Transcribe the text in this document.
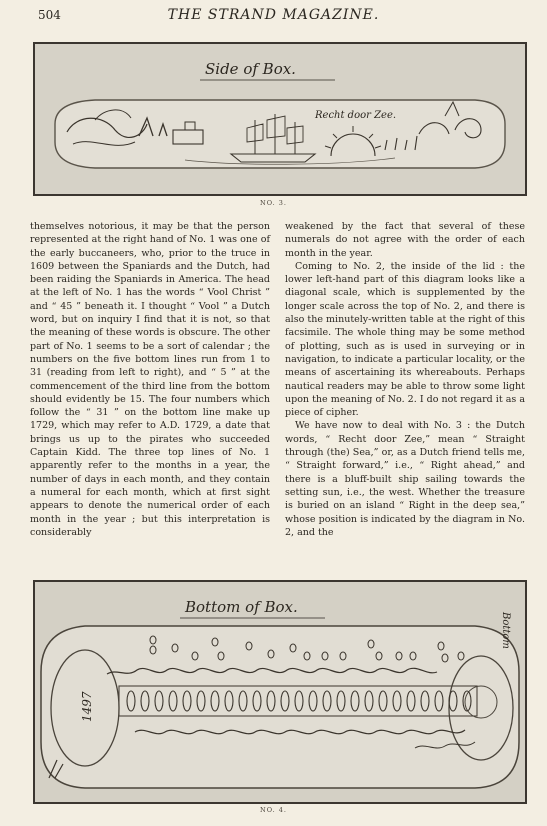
504	THE STRAND MAGAZINE.
Side of Box.
Recht door Zee.
NO. 3.

themselves notorious, it may be that the person represented at the right hand of No. 1 was one of the early buccaneers, who, prior to the truce in 1609 between the Spaniards and the Dutch, had been raiding the Spaniards in America. The head at the left of No. 1 has the words “ Vool Christ ” and “ 45 ” beneath it. I thought “ Vool ” a Dutch word, but on inquiry I find that it is not, so that the meaning of these words is obscure. The other part of No. 1 seems to be a sort of calendar ; the numbers on the five bottom lines run from 1 to 31 (reading from left to right), and “ 5 ” at the commencement of the third line from the bottom should evidently be 15. The four numbers which follow the “ 31 ” on the bottom line make up 1729, which may refer to A.D. 1729, a date that brings us up to the pirates who succeeded Captain Kidd. The three top lines of No. 1 apparently refer to the months in a year, the number of days in each month, and they contain a numeral for each month, which at first sight appears to denote the numerical order of each month in the year ; but this interpretation is considerably

weakened by the fact that several of these numerals do not agree with the order of each month in the year.

Coming to No. 2, the inside of the lid : the lower left-hand part of this diagram looks like a diagonal scale, which is supplemented by the longer scale across the top of No. 2, and there is also the minutely-written table at the right of this facsimile. The whole thing may be some method of plotting, such as is used in surveying or in navigation, to indicate a particular locality, or the means of ascertaining its whereabouts. Perhaps nautical readers may be able to throw some light upon the meaning of No. 2. I do not regard it as a piece of cipher.

We have now to deal with No. 3 : the Dutch words, “ Recht door Zee,” mean “ Straight through (the) Sea,” or, as a Dutch friend tells me, “ Straight forward,” i.e., “ Right ahead,” and there is a bluff-built ship sailing towards the setting sun, i.e., the west. Whether the treasure is buried on an island “ Right in the deep sea,” whose position is indicated by the diagram in No. 2, and the

Bottom of Box.
Bottom
1497
NO. 4.
